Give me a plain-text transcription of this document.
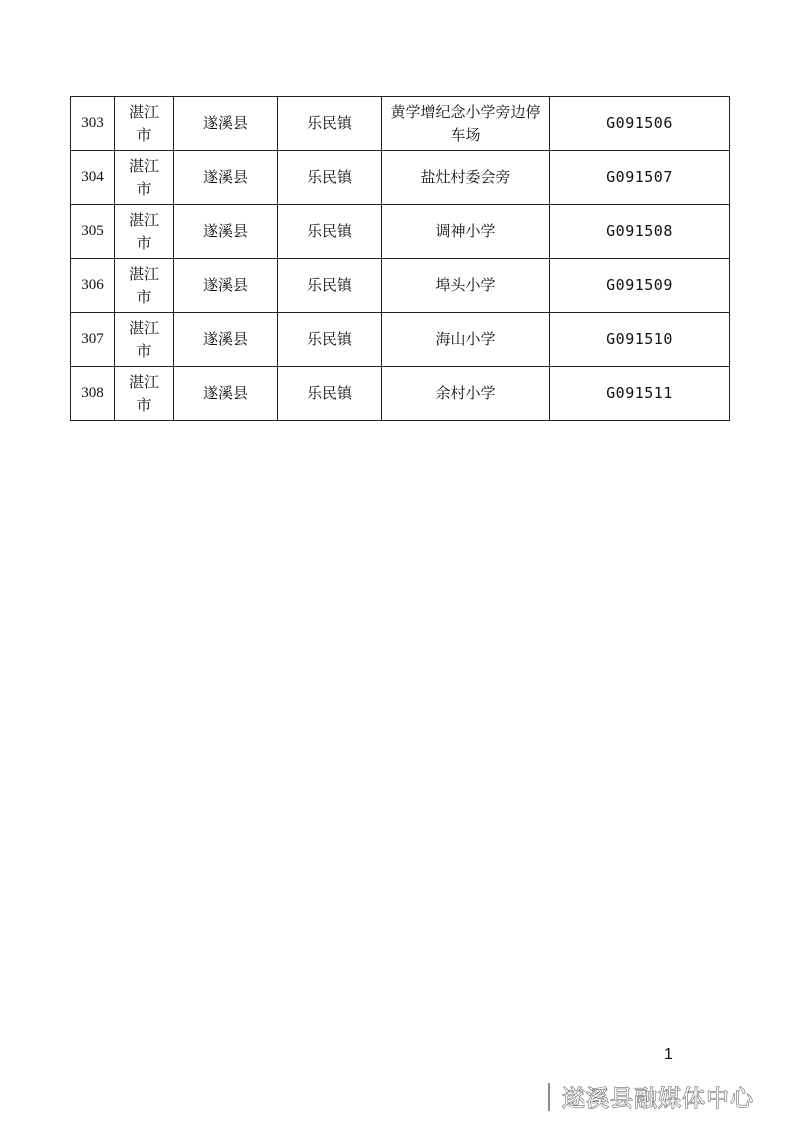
303	湛江市	遂溪县	乐民镇	黄学增纪念小学旁边停车场	G091506
304	湛江市	遂溪县	乐民镇	盐灶村委会旁	G091507
305	湛江市	遂溪县	乐民镇	调神小学	G091508
306	湛江市	遂溪县	乐民镇	埠头小学	G091509
307	湛江市	遂溪县	乐民镇	海山小学	G091510
308	湛江市	遂溪县	乐民镇	余村小学	G091511
1
遂溪县融媒体中心
